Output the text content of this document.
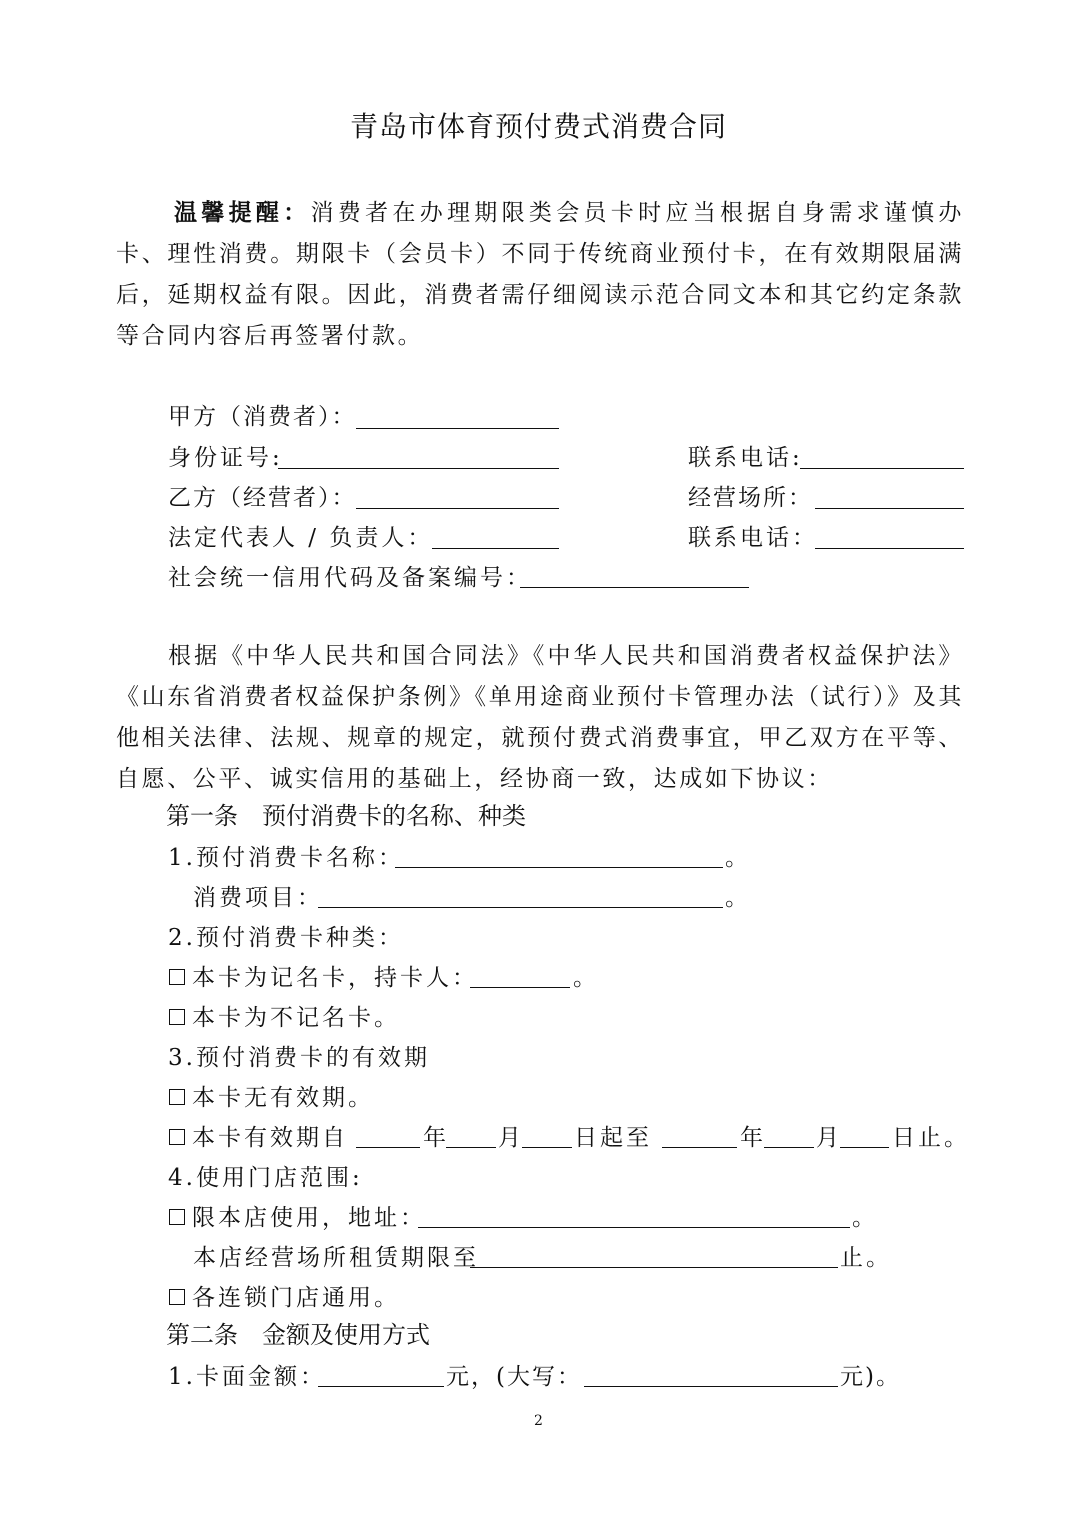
青岛市体育预付费式消费合同
温馨提醒：消费者在办理期限类会员卡时应当根据自身需求谨慎办卡、理性消费。期限卡（会员卡）不同于传统商业预付卡，在有效期限届满后，延期权益有限。因此，消费者需仔细阅读示范合同文本和其它约定条款等合同内容后再签署付款。
甲方（消费者）：
身份证号:	联系电话:
乙方（经营者）：	经营场所：
法定代表人 / 负责人：	联系电话：
社会统一信用代码及备案编号：
根据《中华人民共和国合同法》《中华人民共和国消费者权益保护法》《山东省消费者权益保护条例》《单用途商业预付卡管理办法（试行）》及其他相关法律、法规、规章的规定，就预付费式消费事宜，甲乙双方在平等、自愿、公平、诚实信用的基础上，经协商一致，达成如下协议：
第一条　预付消费卡的名称、种类
1.预付消费卡名称：	。
消费项目：	。
2.预付消费卡种类：
本卡为记名卡，持卡人：	。
本卡为不记名卡。
3.预付消费卡的有效期
本卡无有效期。
本卡有效期自	年 月 日起至	年 月 日止。
4.使用门店范围:
限本店使用，地址：	。
本店经营场所租赁期限至	止。
各连锁门店通用。
第二条　金额及使用方式
1.卡面金额：	元，(大写：	元)。
2
